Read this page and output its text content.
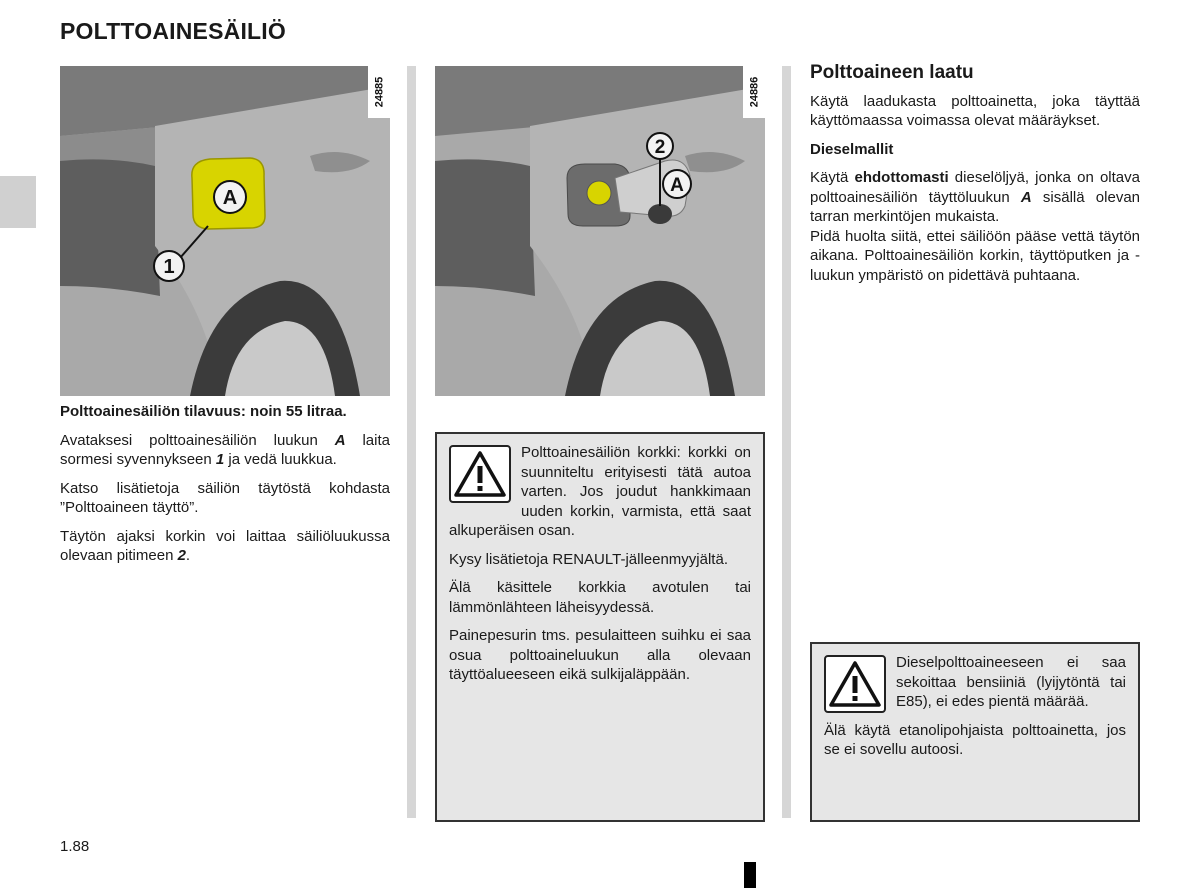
POLTTOAINESÄILIÖ
A
1
24885
2
A
24886

Polttoainesäiliön tilavuus: noin 55 litraa.

Avataksesi polttoainesäiliön luukun A laita sormesi syvennykseen 1 ja vedä luukkua.

Katso lisätietoja säiliön täytöstä kohdasta ”Polttoaineen täyttö”.

Täytön ajaksi korkin voi laittaa säiliöluukussa olevaan pitimeen 2.

Polttoainesäiliön korkki: korkki on suunniteltu erityisesti tätä autoa varten. Jos joudut hankkimaan uuden korkin, varmista, että saat alkuperäisen osan.

Kysy lisätietoja RENAULT-jälleenmyyjältä.

Älä käsittele korkkia avotulen tai lämmönlähteen läheisyydessä.

Painepesurin tms. pesulaitteen suihku ei saa osua polttoaineluukun alla olevaan täyttöalueeseen eikä sulkijaläppään.

Polttoaineen laatu

Käytä laadukasta polttoainetta, joka täyttää käyttömaassa voimassa olevat määräykset.

Dieselmallit

Käytä ehdottomasti dieselöljyä, jonka on oltava polttoainesäiliön täyttöluukun A sisällä olevan tarran merkintöjen mukaista.

Pidä huolta siitä, ettei säiliöön pääse vettä täytön aikana. Polttoainesäiliön korkin, täyttöputken ja -luukun ympäristö on pidettävä puhtaana.

Dieselpolttoaineeseen ei saa sekoittaa bensiiniä (lyijytöntä tai E85), ei edes pientä määrää.

Älä käytä etanolipohjaista polttoainetta, jos se ei sovellu autoosi.

1.88
